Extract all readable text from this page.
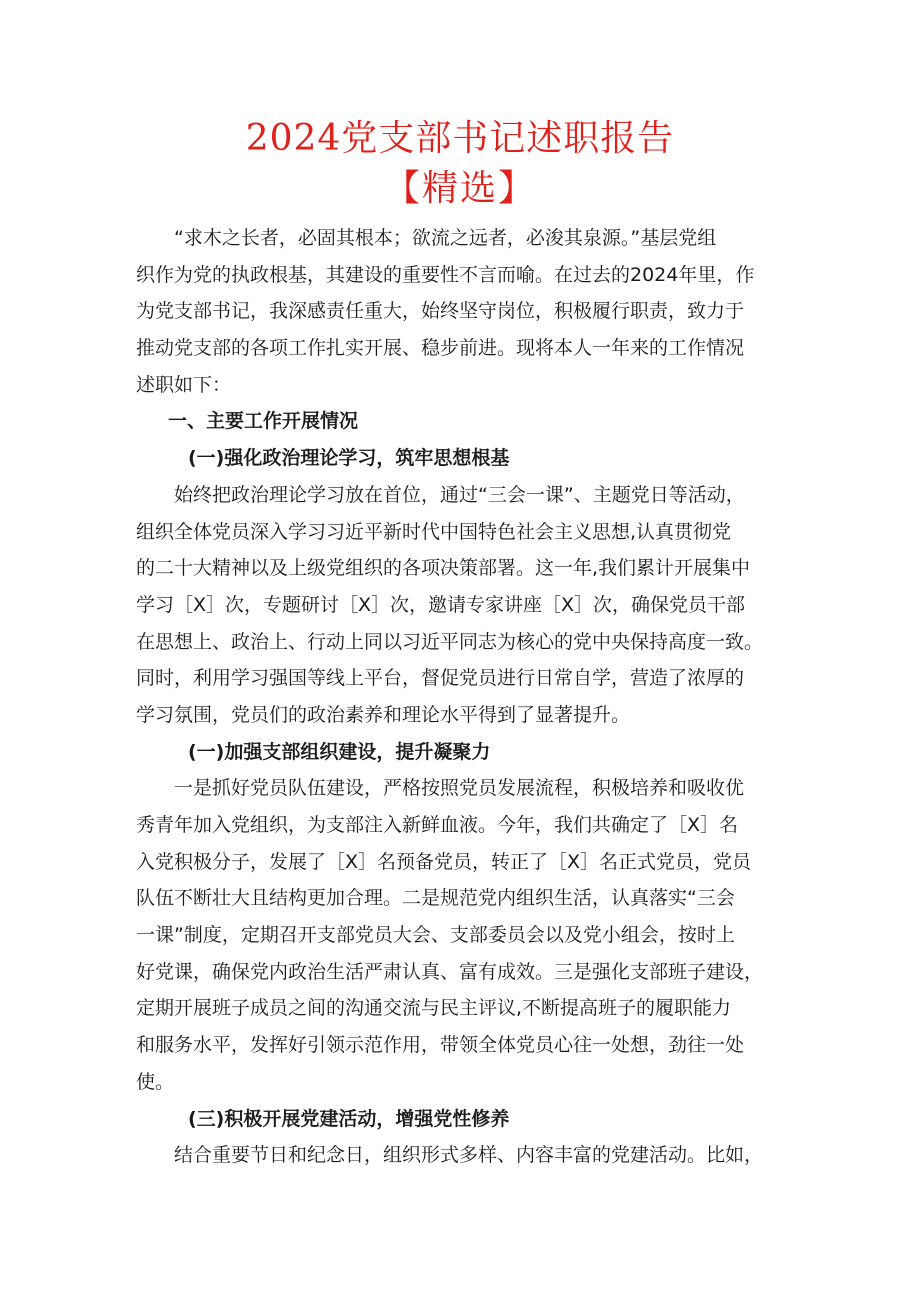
2024党支部书记述职报告
【精选】
“求木之长者，必固其根本；欲流之远者，必浚其泉源。”基层党组
织作为党的执政根基，其建设的重要性不言而喻。在过去的2024年里，作
为党支部书记，我深感责任重大，始终坚守岗位，积极履行职责，致力于
推动党支部的各项工作扎实开展、稳步前进。现将本人一年来的工作情况
述职如下：
一、主要工作开展情况
(一)强化政治理论学习，筑牢思想根基
始终把政治理论学习放在首位，通过“三会一课”、主题党日等活动，
组织全体党员深入学习习近平新时代中国特色社会主义思想,认真贯彻党
的二十大精神以及上级党组织的各项决策部署。这一年,我们累计开展集中
学习［X］次，专题研讨［X］次，邀请专家讲座［X］次，确保党员干部
在思想上、政治上、行动上同以习近平同志为核心的党中央保持高度一致。
同时，利用学习强国等线上平台，督促党员进行日常自学，营造了浓厚的
学习氛围，党员们的政治素养和理论水平得到了显著提升。
(一)加强支部组织建设，提升凝聚力
一是抓好党员队伍建设，严格按照党员发展流程，积极培养和吸收优
秀青年加入党组织，为支部注入新鲜血液。今年，我们共确定了［X］名
入党积极分子，发展了［X］名预备党员，转正了［X］名正式党员，党员
队伍不断壮大且结构更加合理。二是规范党内组织生活，认真落实“三会
一课”制度，定期召开支部党员大会、支部委员会以及党小组会，按时上
好党课，确保党内政治生活严肃认真、富有成效。三是强化支部班子建设，
定期开展班子成员之间的沟通交流与民主评议,不断提高班子的履职能力
和服务水平，发挥好引领示范作用，带领全体党员心往一处想，劲往一处
使。
(三)积极开展党建活动，增强党性修养
结合重要节日和纪念日，组织形式多样、内容丰富的党建活动。比如，
